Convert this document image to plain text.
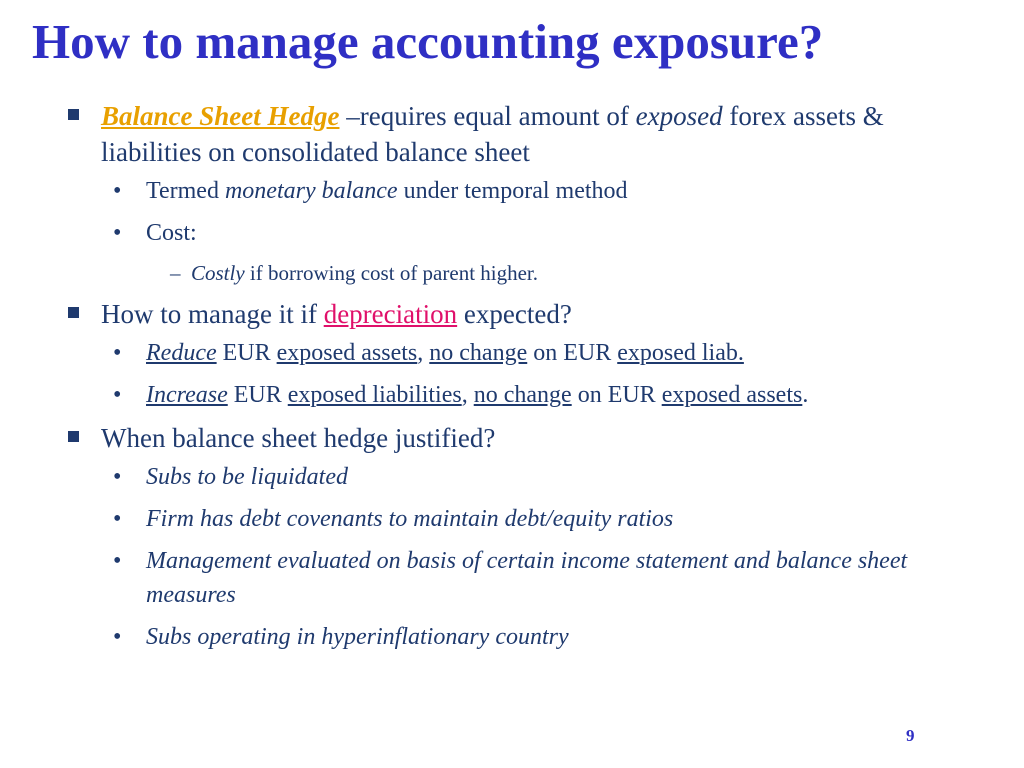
How to manage accounting exposure?
Balance Sheet Hedge –requires equal amount of exposed forex assets & liabilities on consolidated balance sheet
• Termed monetary balance under temporal method
• Cost:
– Costly if borrowing cost of parent higher.
How to manage it if depreciation expected?
• Reduce EUR exposed assets, no change on EUR exposed liab.
• Increase EUR exposed liabilities, no change on EUR exposed assets.
When balance sheet hedge justified?
• Subs to be liquidated
• Firm has debt covenants to maintain debt/equity ratios
• Management evaluated on basis of certain income statement and balance sheet measures
• Subs operating in hyperinflationary country
9
